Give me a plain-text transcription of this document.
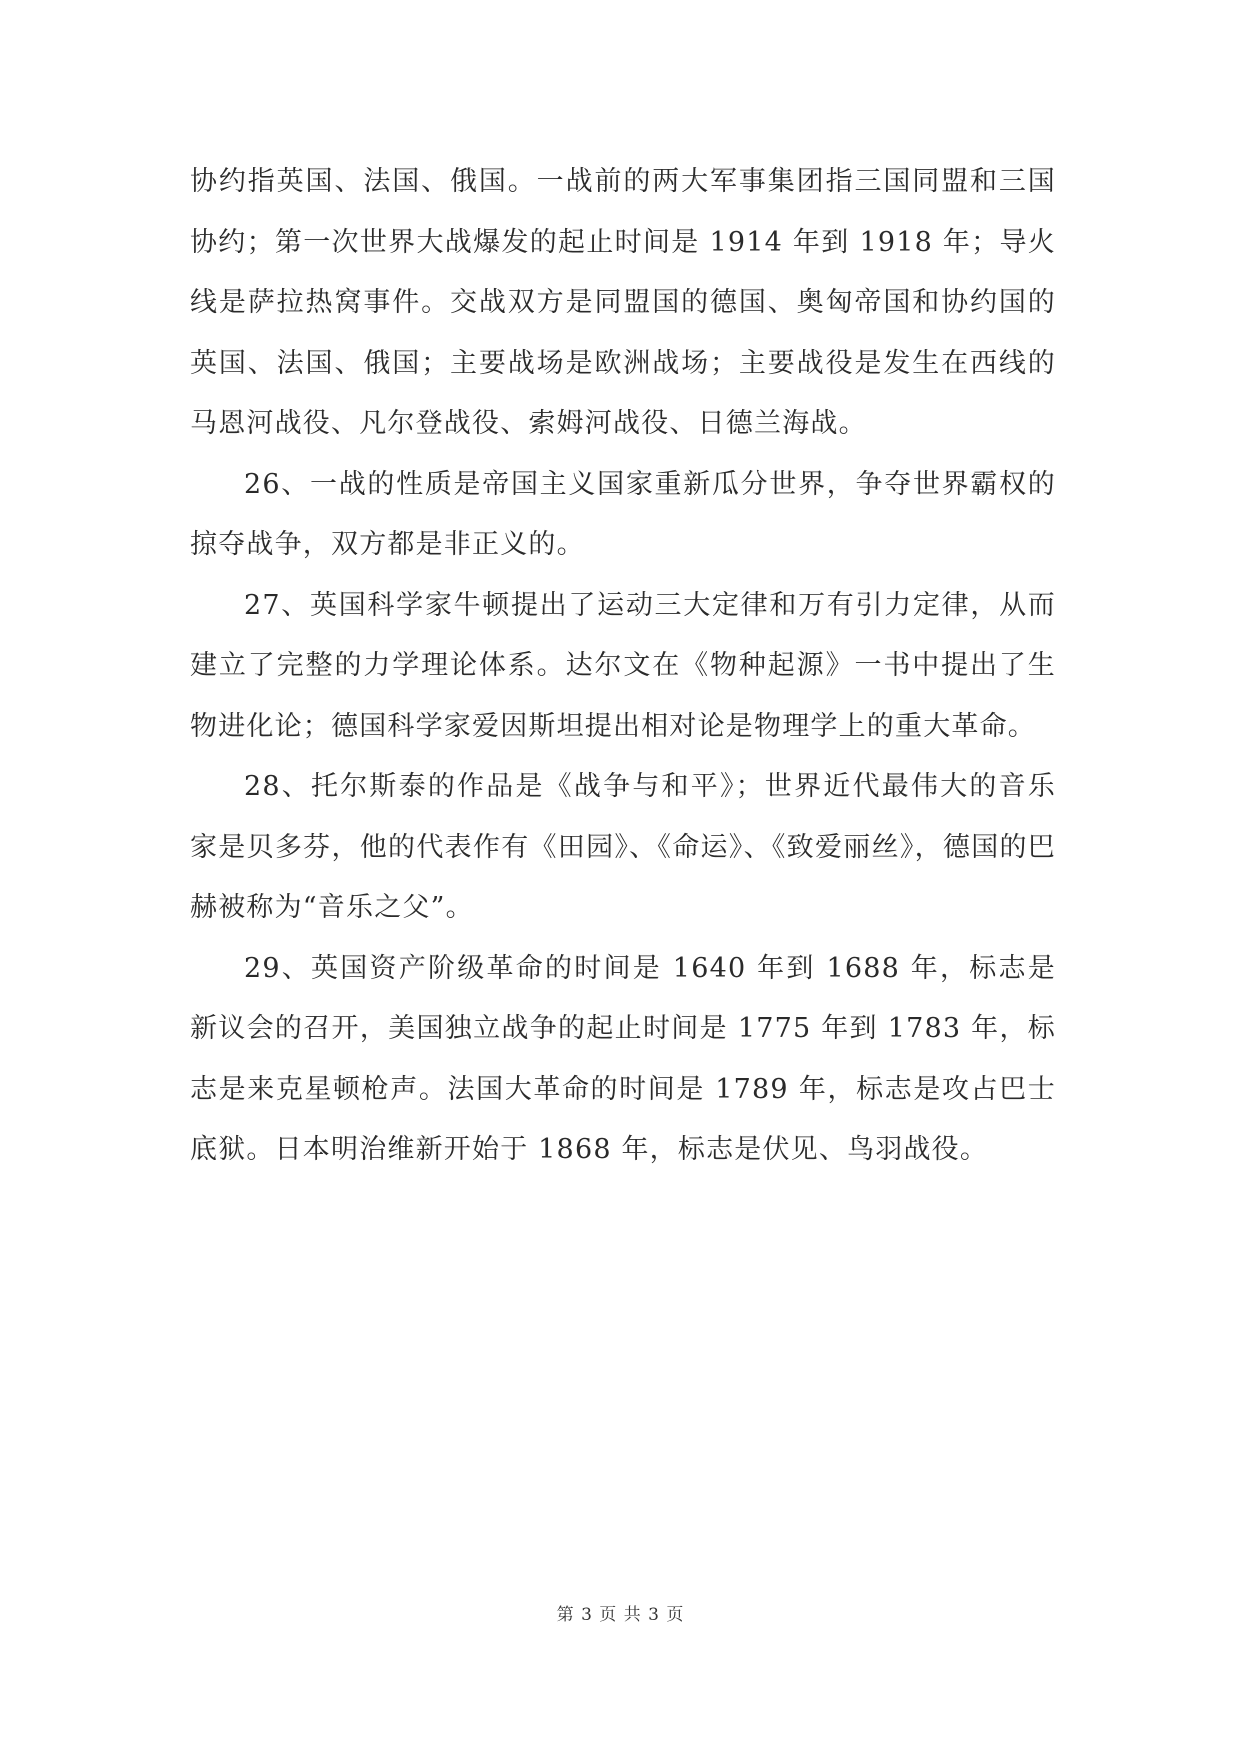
协约指英国、法国、俄国。一战前的两大军事集团指三国同盟和三国协约；第一次世界大战爆发的起止时间是 1914 年到 1918 年；导火线是萨拉热窝事件。交战双方是同盟国的德国、奥匈帝国和协约国的英国、法国、俄国；主要战场是欧洲战场；主要战役是发生在西线的马恩河战役、凡尔登战役、索姆河战役、日德兰海战。

26、一战的性质是帝国主义国家重新瓜分世界，争夺世界霸权的掠夺战争，双方都是非正义的。

27、英国科学家牛顿提出了运动三大定律和万有引力定律，从而建立了完整的力学理论体系。达尔文在《物种起源》一书中提出了生物进化论；德国科学家爱因斯坦提出相对论是物理学上的重大革命。

28、托尔斯泰的作品是《战争与和平》；世界近代最伟大的音乐家是贝多芬，他的代表作有《田园》、《命运》、《致爱丽丝》，德国的巴赫被称为“音乐之父”。

29、英国资产阶级革命的时间是 1640 年到 1688 年，标志是新议会的召开，美国独立战争的起止时间是 1775 年到 1783 年，标志是来克星顿枪声。法国大革命的时间是 1789 年，标志是攻占巴士底狱。日本明治维新开始于 1868 年，标志是伏见、鸟羽战役。

第 3 页 共 3 页
